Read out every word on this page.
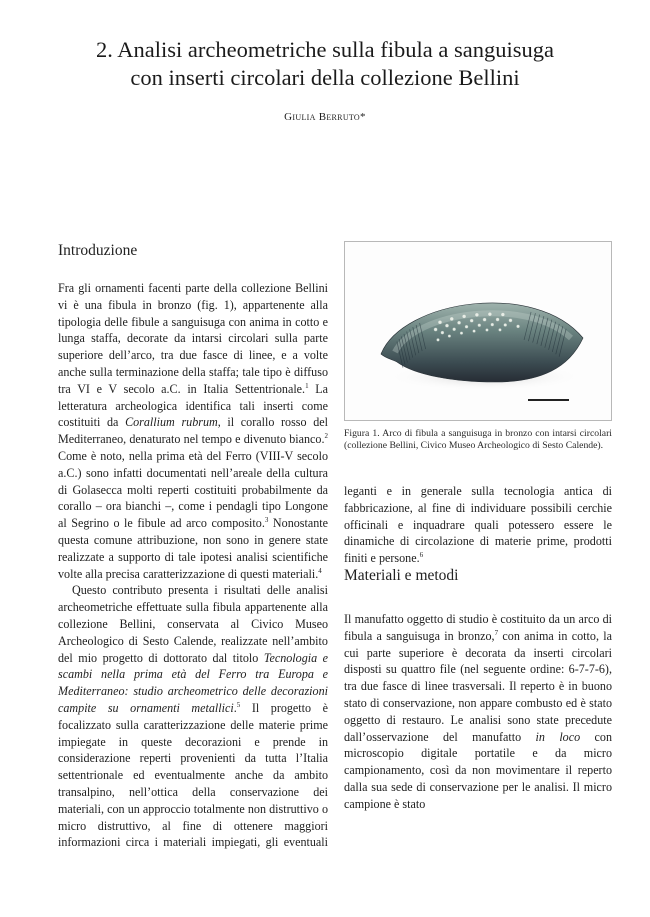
2. Analisi archeometriche sulla fibula a sanguisuga
con inserti circolari della collezione Bellini
Giulia Berruto*
Introduzione

Fra gli ornamenti facenti parte della collezione Bellini vi è una fibula in bronzo (fig. 1), appartenente alla tipologia delle fibule a sanguisuga con anima in cotto e lunga staffa, decorate da intarsi circolari sulla parte superiore dell’arco, tra due fasce di linee, e a volte anche sulla terminazione della staffa; tale tipo è diffuso tra VI e V secolo a.C. in Italia Settentrionale.$^1$ La letteratura archeologica identifica tali inserti come costituiti da Corallium rubrum, il corallo rosso del Mediterraneo, denaturato nel tempo e divenuto bianco.$^2$ Come è noto, nella prima età del Ferro (VIII-V secolo a.C.) sono infatti documentati nell’areale della cultura di Golasecca molti reperti costituiti probabilmente da corallo – ora bianchi –, come i pendagli tipo Longone al Segrino o le fibule ad arco composito.$^3$ Nonostante questa comune attribuzione, non sono in genere state realizzate a supporto di tale ipotesi analisi scientifiche volte alla precisa caratterizzazione di questi materiali.$^4$

Questo contributo presenta i risultati delle analisi archeometriche effettuate sulla fibula appartenente alla collezione Bellini, conservata al Civico Museo Archeologico di Sesto Calende, realizzate nell’ambito del mio progetto di dottorato dal titolo Tecnologia e scambi nella prima età del Ferro tra Europa e Mediterraneo: studio archeometrico delle decorazioni campite su ornamenti metallici.$^5$ Il progetto è focalizzato sulla caratterizzazione delle materie prime impiegate in queste decorazioni e prende in considerazione reperti provenienti da tutta l’Italia settentrionale ed eventualmente anche da ambito transalpino, nell’ottica della conservazione dei materiali, con un approccio totalmente non distruttivo o micro distruttivo, al fine di ottenere maggiori informazioni circa i materiali impiegati, gli eventuali

Figura 1. Arco di fibula a sanguisuga in bronzo con intarsi circolari (collezione Bellini, Civico Museo Archeologico di Sesto Calende).

leganti e in generale sulla tecnologia antica di fabbricazione, al fine di individuare possibili cerchie officinali e inquadrare quali potessero essere le dinamiche di circolazione di materie prime, prodotti finiti e persone.$^6$

Materiali e metodi

Il manufatto oggetto di studio è costituito da un arco di fibula a sanguisuga in bronzo,$^7$ con anima in cotto, la cui parte superiore è decorata da inserti circolari disposti su quattro file (nel seguente ordine: 6-7-7-6), tra due fasce di linee trasversali. Il reperto è in buono stato di conservazione, non appare combusto ed è stato oggetto di restauro. Le analisi sono state precedute dall’osservazione del manufatto in loco con microscopio digitale portatile e da micro campionamento, così da non movimentare il reperto dalla sua sede di conservazione per le analisi. Il micro campione è stato
